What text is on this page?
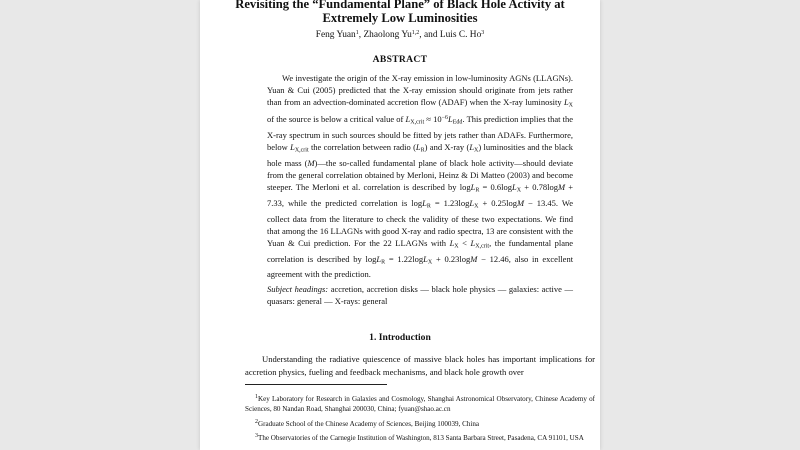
Revisiting the “Fundamental Plane” of Black Hole Activity at
Extremely Low Luminosities
Feng Yuan$^1$, Zhaolong Yu$^{1,2}$, and Luis C. Ho$^3$
ABSTRACT

We investigate the origin of the X-ray emission in low-luminosity AGNs (LLAGNs). Yuan & Cui (2005) predicted that the X-ray emission should originate from jets rather than from an advection-dominated accretion flow (ADAF) when the X-ray luminosity $L_X$ of the source is below a critical value of $L_{X,crit} \approx 10^{-6}L_{Edd}$. This prediction implies that the X-ray spectrum in such sources should be fitted by jets rather than ADAFs. Furthermore, below $L_{X,crit}$ the correlation between radio $(L_R)$ and X-ray $(L_X)$ luminosities and the black hole mass (M)—the so-called fundamental plane of black hole activity—should deviate from the general correlation obtained by Merloni, Heinz & Di Matteo (2003) and become steeper. The Merloni et al. correlation is described by logL$_R$ = 0.6logL$_X$ + 0.78logM + 7.33, while the predicted correlation is logL$_R$ = 1.23logL$_X$ + 0.25logM − 13.45. We collect data from the literature to check the validity of these two expectations. We find that among the 16 LLAGNs with good X-ray and radio spectra, 13 are consistent with the Yuan & Cui prediction. For the 22 LLAGNs with $L_X < L_{X,crit}$, the fundamental plane correlation is described by logL$_R$ = 1.22logL$_X$ + 0.23logM − 12.46, also in excellent agreement with the prediction.

Subject headings: accretion, accretion disks — black hole physics — galaxies: active — quasars: general — X-rays: general
1. Introduction

Understanding the radiative quiescence of massive black holes has important implications for accretion physics, fueling and feedback mechanisms, and black hole growth over

$^1$Key Laboratory for Research in Galaxies and Cosmology, Shanghai Astronomical Observatory, Chinese Academy of Sciences, 80 Nandan Road, Shanghai 200030, China; fyuan@shao.ac.cn

$^2$Graduate School of the Chinese Academy of Sciences, Beijing 100039, China

$^3$The Observatories of the Carnegie Institution of Washington, 813 Santa Barbara Street, Pasadena, CA 91101, USA
